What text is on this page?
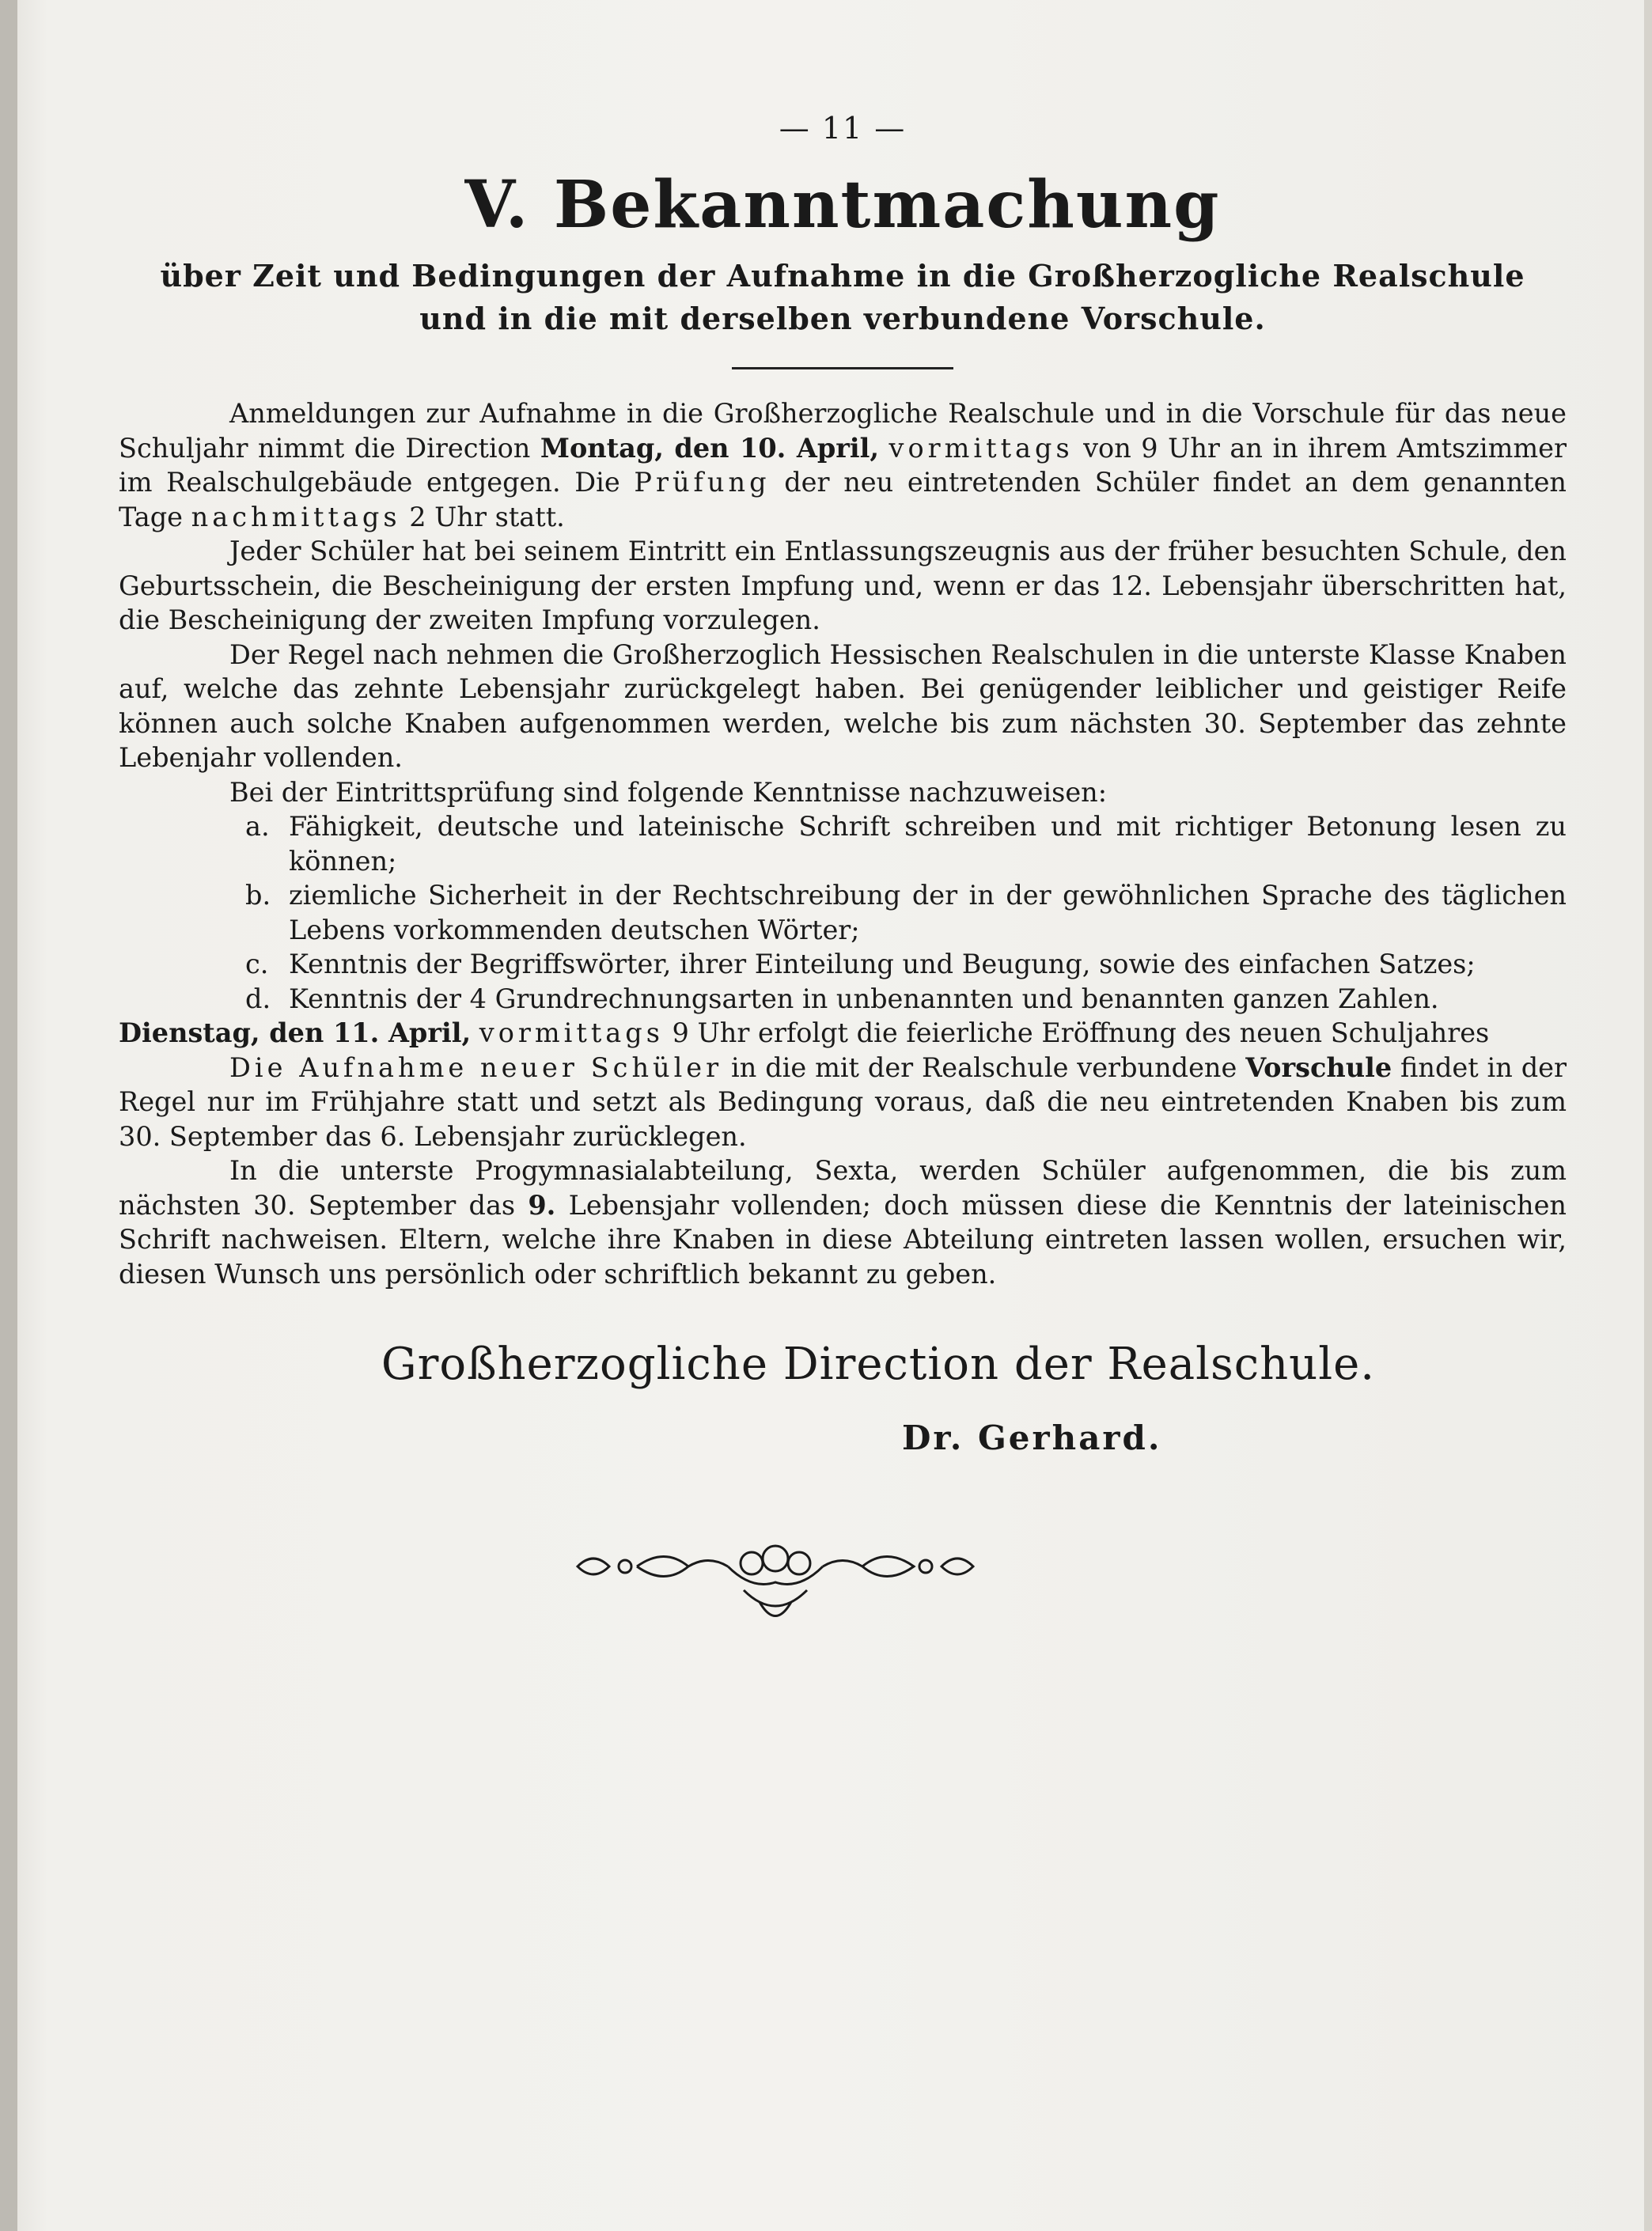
— 11 —

V. Bekanntmachung

über Zeit und Bedingungen der Aufnahme in die Großherzogliche Realschule

und in die mit derselben verbundene Vorschule.

Anmeldungen zur Aufnahme in die Großherzogliche Realschule und in die Vorschule für das neue Schuljahr nimmt die Direction Montag, den 10. April, vormittags von 9 Uhr an in ihrem Amtszimmer im Realschulgebäude entgegen. Die Prüfung der neu eintretenden Schüler findet an dem genannten Tage nachmittags 2 Uhr statt.

Jeder Schüler hat bei seinem Eintritt ein Entlassungszeugnis aus der früher besuchten Schule, den Geburtsschein, die Bescheinigung der ersten Impfung und, wenn er das 12. Lebensjahr überschritten hat, die Bescheinigung der zweiten Impfung vorzulegen.

Der Regel nach nehmen die Großherzoglich Hessischen Realschulen in die unterste Klasse Knaben auf, welche das zehnte Lebensjahr zurückgelegt haben. Bei genügender leiblicher und geistiger Reife können auch solche Knaben aufgenommen werden, welche bis zum nächsten 30. September das zehnte Lebenjahr vollenden.

Bei der Eintrittsprüfung sind folgende Kenntnisse nachzuweisen:

a. Fähigkeit, deutsche und lateinische Schrift schreiben und mit richtiger Betonung lesen zu können;
b. ziemliche Sicherheit in der Rechtschreibung der in der gewöhnlichen Sprache des täglichen Lebens vorkommenden deutschen Wörter;
c. Kenntnis der Begriffswörter, ihrer Einteilung und Beugung, sowie des einfachen Satzes;
d. Kenntnis der 4 Grundrechnungsarten in unbenannten und benannten ganzen Zahlen.

Dienstag, den 11. April, vormittags 9 Uhr erfolgt die feierliche Eröffnung des neuen Schuljahres

Die Aufnahme neuer Schüler in die mit der Realschule verbundene Vorschule findet in der Regel nur im Frühjahre statt und setzt als Bedingung voraus, daß die neu eintretenden Knaben bis zum 30. September das 6. Lebensjahr zurücklegen.

In die unterste Progymnasialabteilung, Sexta, werden Schüler aufgenommen, die bis zum nächsten 30. September das 9. Lebensjahr vollenden; doch müssen diese die Kenntnis der lateinischen Schrift nachweisen. Eltern, welche ihre Knaben in diese Abteilung eintreten lassen wollen, ersuchen wir, diesen Wunsch uns persönlich oder schriftlich bekannt zu geben.

Großherzogliche Direction der Realschule.

Dr. Gerhard.
